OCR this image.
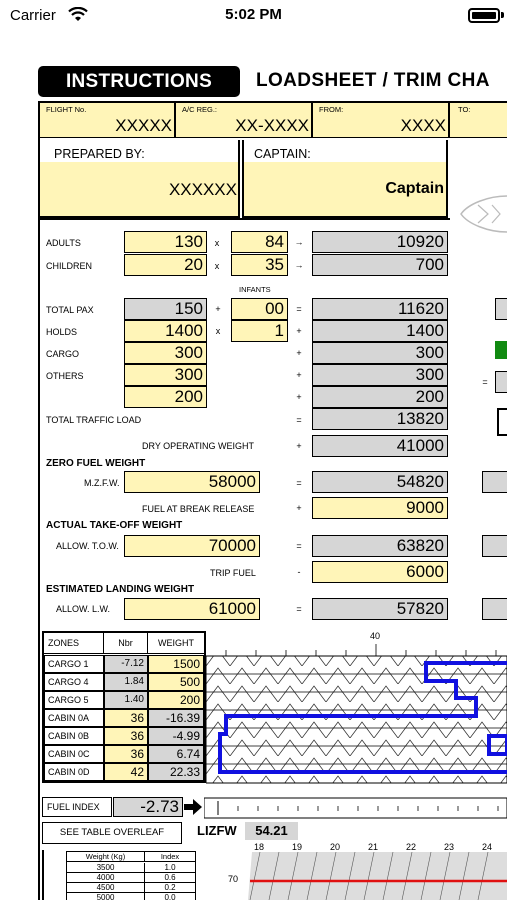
Carrier	5:02 PM
INSTRUCTIONS	LOADSHEET / TRIM CHA
FLIGHT No.
XXXXX
A/C REG.:
XX-XXXX
FROM:
XXXX
TO:
PREPARED BY:
XXXXXX
CAPTAIN:
Captain
ADULTS	130	x	84	→	10920
CHILDREN	20	x	35	→	700
INFANTS
TOTAL PAX	150	+	00	=	11620
HOLDS	1400	x	1	+	1400
CARGO	300	+	300
OTHERS	300	+	300
200	+	200
TOTAL TRAFFIC LOAD	=	13820
DRY OPERATING WEIGHT	+	41000
ZERO FUEL WEIGHT
M.Z.F.W.	58000	=	54820
FUEL AT BREAK RELEASE	+	9000
ACTUAL TAKE-OFF WEIGHT
ALLOW. T.O.W.	70000	=	63820
TRIP FUEL	-	6000
ESTIMATED LANDING WEIGHT
ALLOW. L.W.	61000	=	57820
=
ZONES	Nbr	WEIGHT
CARGO 1	-7.12	1500
CARGO 4	1.84	500
CARGO 5	1.40	200
CABIN 0A	36	-16.39
CABIN 0B	36	-4.99
CABIN 0C	36	6.74
CABIN 0D	42	22.33
40
FUEL INDEX	-2.73
SEE TABLE OVERLEAF	LIZFW	54.21
Weight (Kg)	Index
3500	1.0
4000	0.6
4500	0.2
5000	0.0
18	19	20	21	22	23	24
70
